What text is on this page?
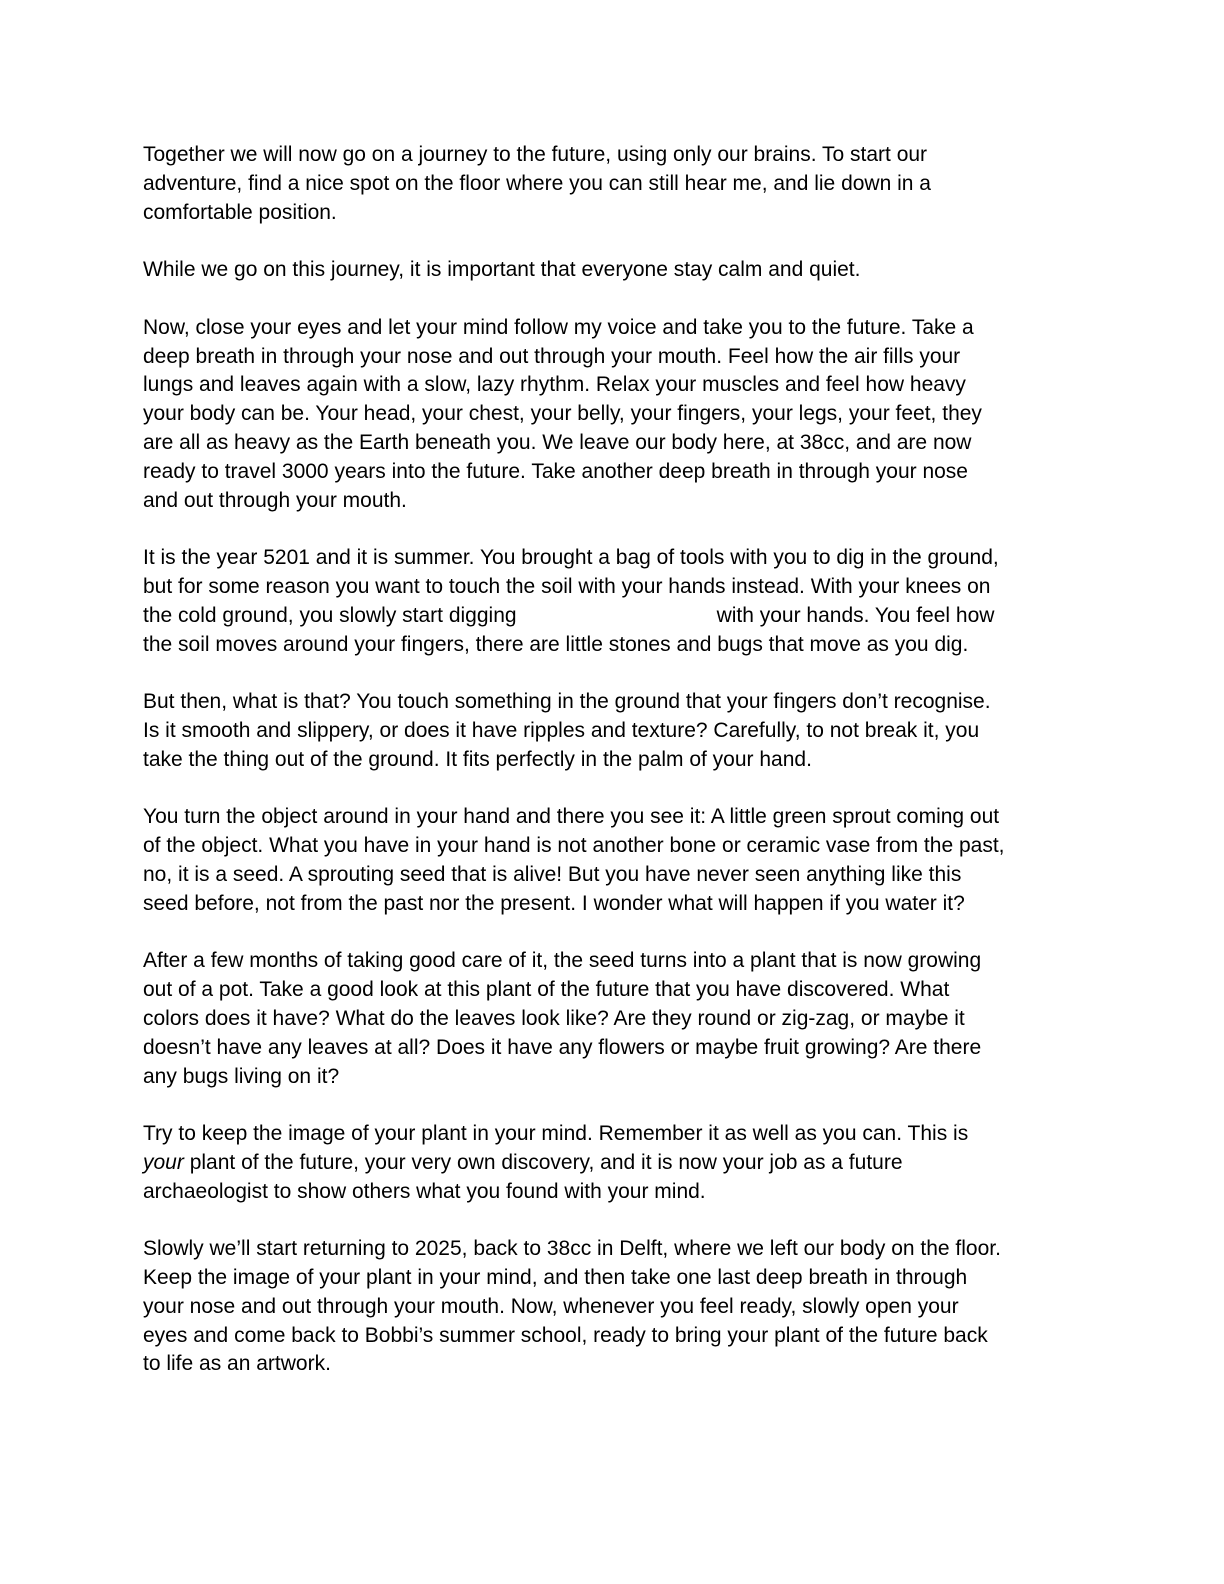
Together we will now go on a journey to the future, using only our brains. To start our
adventure, find a nice spot on the floor where you can still hear me, and lie down in a
comfortable position.

While we go on this journey, it is important that everyone stay calm and quiet.

Now, close your eyes and let your mind follow my voice and take you to the future. Take a
deep breath in through your nose and out through your mouth. Feel how the air fills your
lungs and leaves again with a slow, lazy rhythm. Relax your muscles and feel how heavy
your body can be. Your head, your chest, your belly, your fingers, your legs, your feet, they
are all as heavy as the Earth beneath you. We leave our body here, at 38cc, and are now
ready to travel 3000 years into the future. Take another deep breath in through your nose
and out through your mouth.

It is the year 5201 and it is summer. You brought a bag of tools with you to dig in the ground,
but for some reason you want to touch the soil with your hands instead. With your knees on
the cold ground, you slowly start digging	with your hands. You feel how
the soil moves around your fingers, there are little stones and bugs that move as you dig.

But then, what is that? You touch something in the ground that your fingers don’t recognise.
Is it smooth and slippery, or does it have ripples and texture? Carefully, to not break it, you
take the thing out of the ground. It fits perfectly in the palm of your hand.

You turn the object around in your hand and there you see it: A little green sprout coming out
of the object. What you have in your hand is not another bone or ceramic vase from the past,
no, it is a seed. A sprouting seed that is alive! But you have never seen anything like this
seed before, not from the past nor the present. I wonder what will happen if you water it?

After a few months of taking good care of it, the seed turns into a plant that is now growing
out of a pot. Take a good look at this plant of the future that you have discovered. What
colors does it have? What do the leaves look like? Are they round or zig-zag, or maybe it
doesn’t have any leaves at all? Does it have any flowers or maybe fruit growing? Are there
any bugs living on it?

Try to keep the image of your plant in your mind. Remember it as well as you can. This is
your plant of the future, your very own discovery, and it is now your job as a future
archaeologist to show others what you found with your mind.

Slowly we’ll start returning to 2025, back to 38cc in Delft, where we left our body on the floor.
Keep the image of your plant in your mind, and then take one last deep breath in through
your nose and out through your mouth. Now, whenever you feel ready, slowly open your
eyes and come back to Bobbi’s summer school, ready to bring your plant of the future back
to life as an artwork.
